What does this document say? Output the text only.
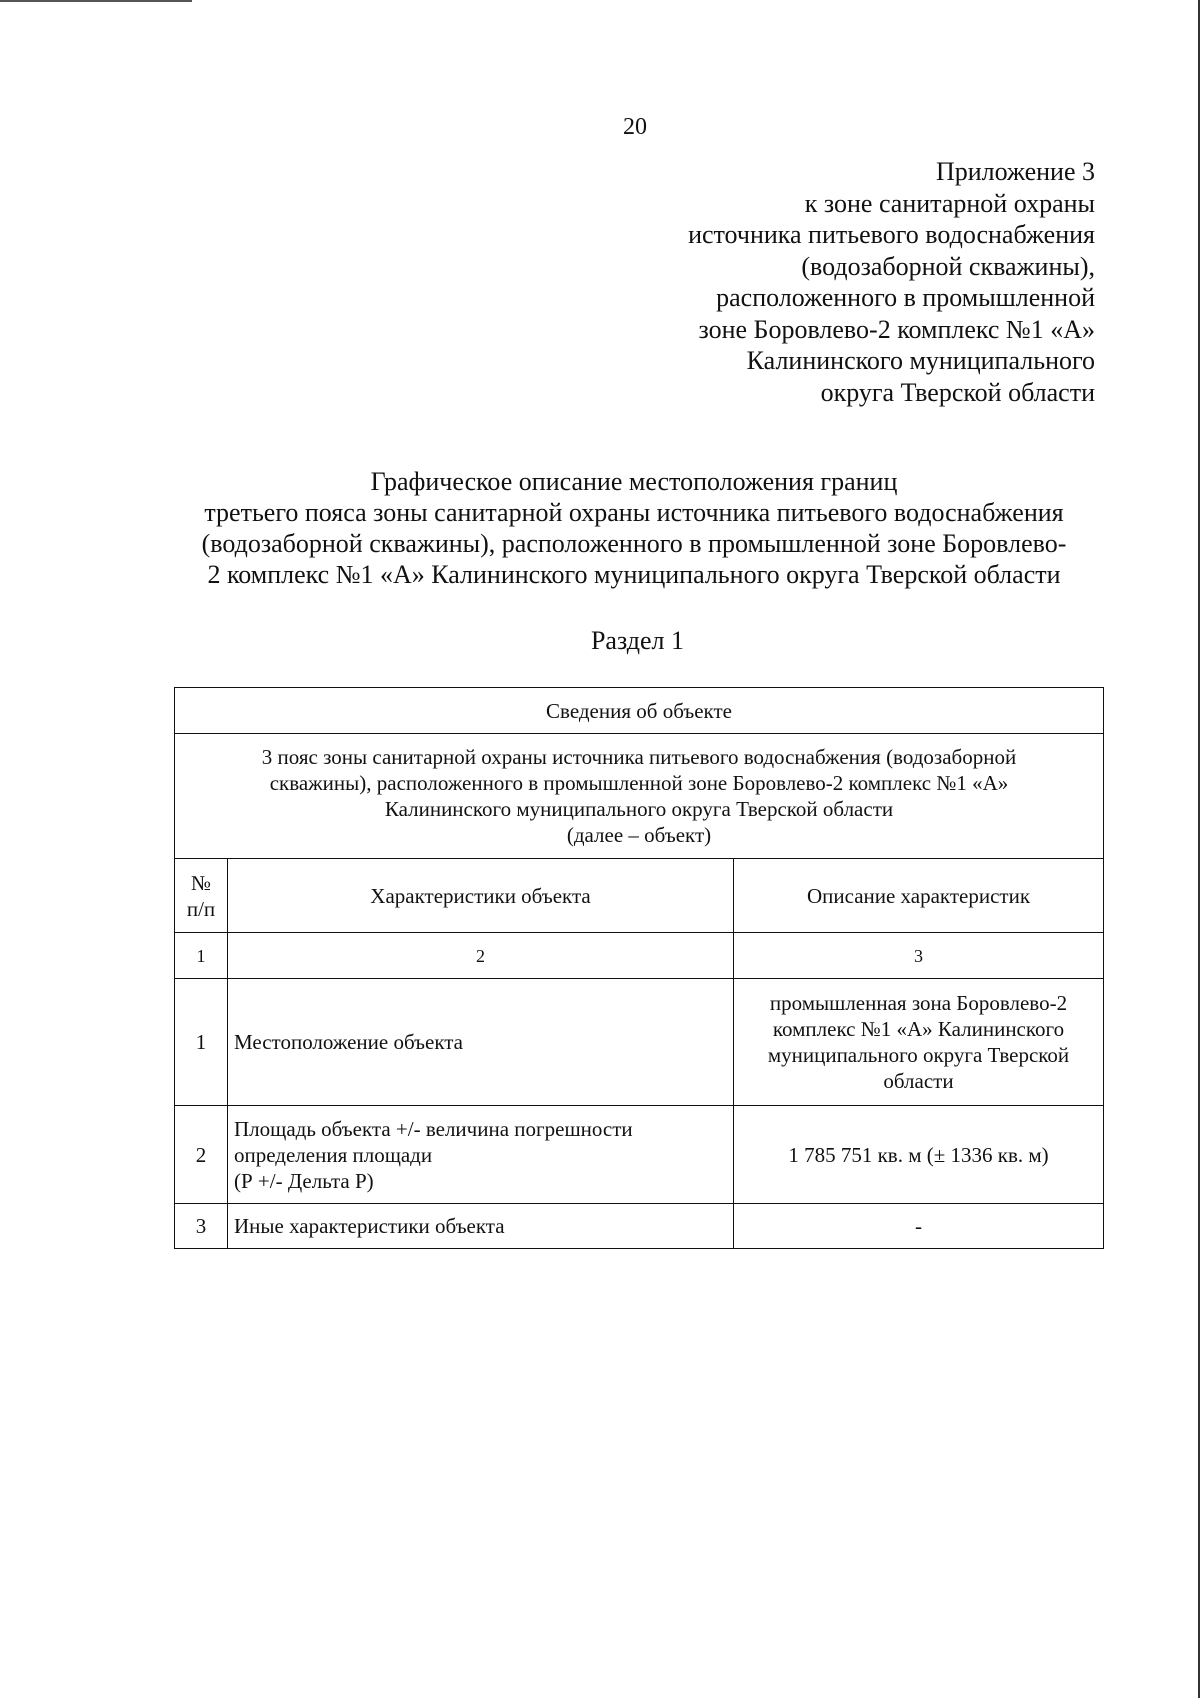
20
Приложение 3
к зоне санитарной охраны
источника питьевого водоснабжения
(водозаборной скважины),
расположенного в промышленной
зоне Боровлево-2 комплекс №1 «А»
Калининского муниципального
округа Тверской области
Графическое описание местоположения границ
третьего пояса зоны санитарной охраны источника питьевого водоснабжения
(водозаборной скважины), расположенного в промышленной зоне Боровлево-
2 комплекс №1 «А» Калининского муниципального округа Тверской области
Раздел 1
Сведения об объекте		

3 пояс зоны санитарной охраны источника питьевого водоснабжения (водозаборной
скважины), расположенного в промышленной зоне Боровлево-2 комплекс №1 «А»
Калининского муниципального округа Тверской области
(далее – объект)		

№
п/п	Характеристики объекта	Описание характеристик
1	2	3
1	Местоположение объекта	промышленная зона Боровлево-2
комплекс №1 «А» Калининского
муниципального округа Тверской
области

2	Площадь объекта +/- величина погрешности
определения площади
(Р +/- Дельта Р)	1 785 751 кв. м (± 1336 кв. м)

3	Иные характеристики объекта	-
